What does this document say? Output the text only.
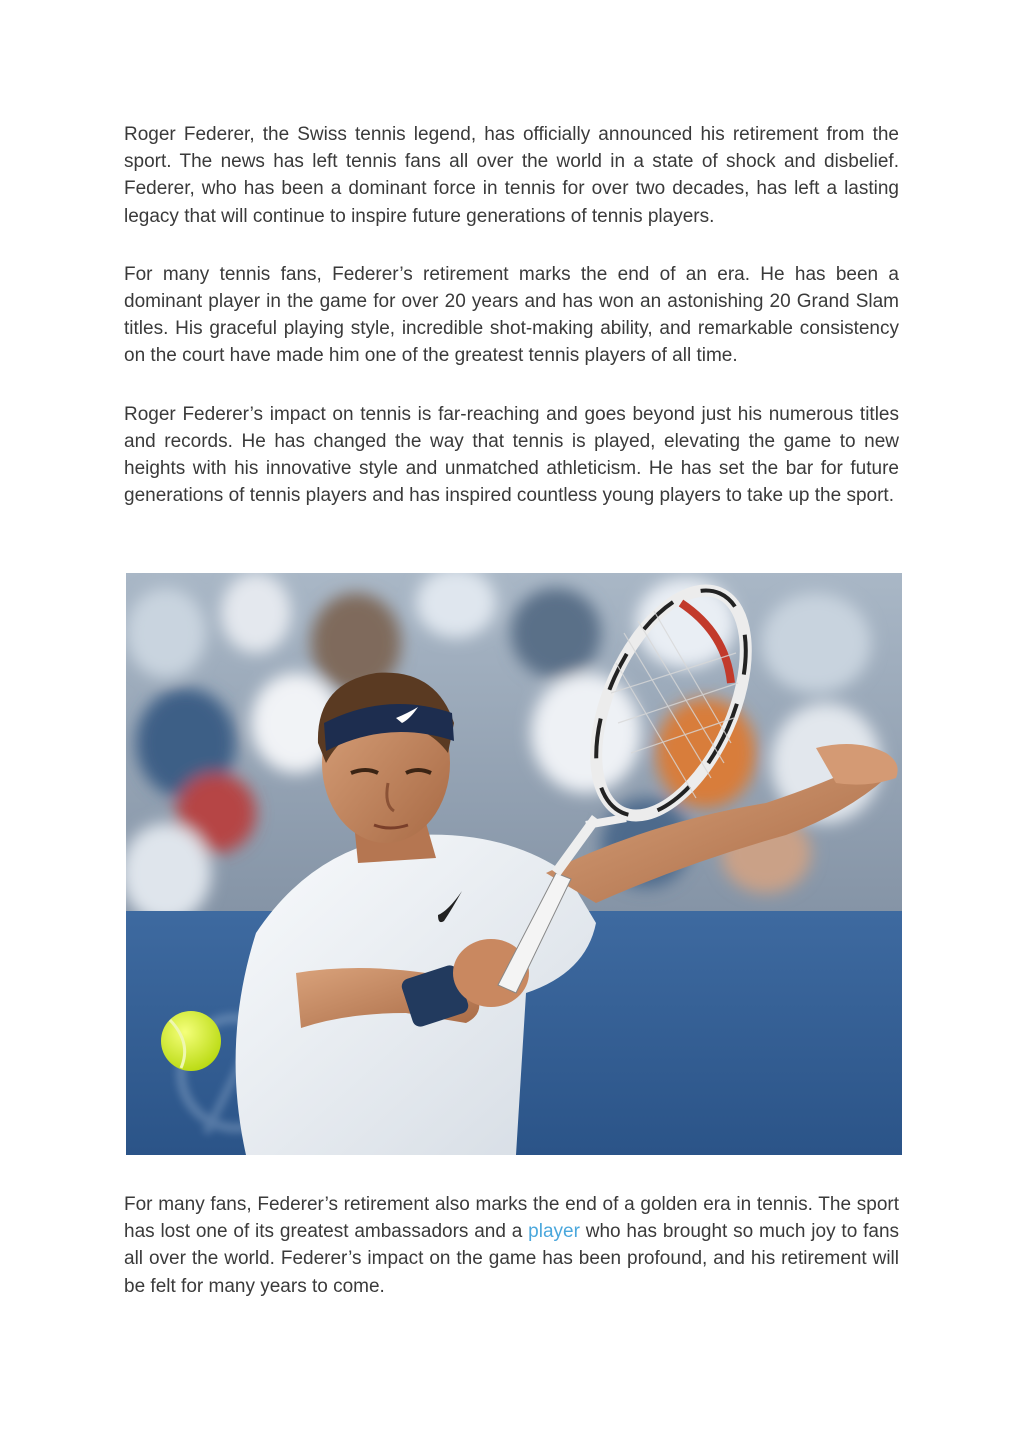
Roger Federer, the Swiss tennis legend, has officially announced his retirement from the sport. The news has left tennis fans all over the world in a state of shock and disbelief. Federer, who has been a dominant force in tennis for over two decades, has left a lasting legacy that will continue to inspire future generations of tennis players.

For many tennis fans, Federer’s retirement marks the end of an era. He has been a dominant player in the game for over 20 years and has won an astonishing 20 Grand Slam titles. His graceful playing style, incredible shot-making ability, and remarkable consistency on the court have made him one of the greatest tennis players of all time.

Roger Federer’s impact on tennis is far-reaching and goes beyond just his numerous titles and records. He has changed the way that tennis is played, elevating the game to new heights with his innovative style and unmatched athleticism. He has set the bar for future generations of tennis players and has inspired countless young players to take up the sport.

For many fans, Federer’s retirement also marks the end of a golden era in tennis. The sport has lost one of its greatest ambassadors and a player who has brought so much joy to fans all over the world. Federer’s impact on the game has been profound, and his retirement will be felt for many years to come.
